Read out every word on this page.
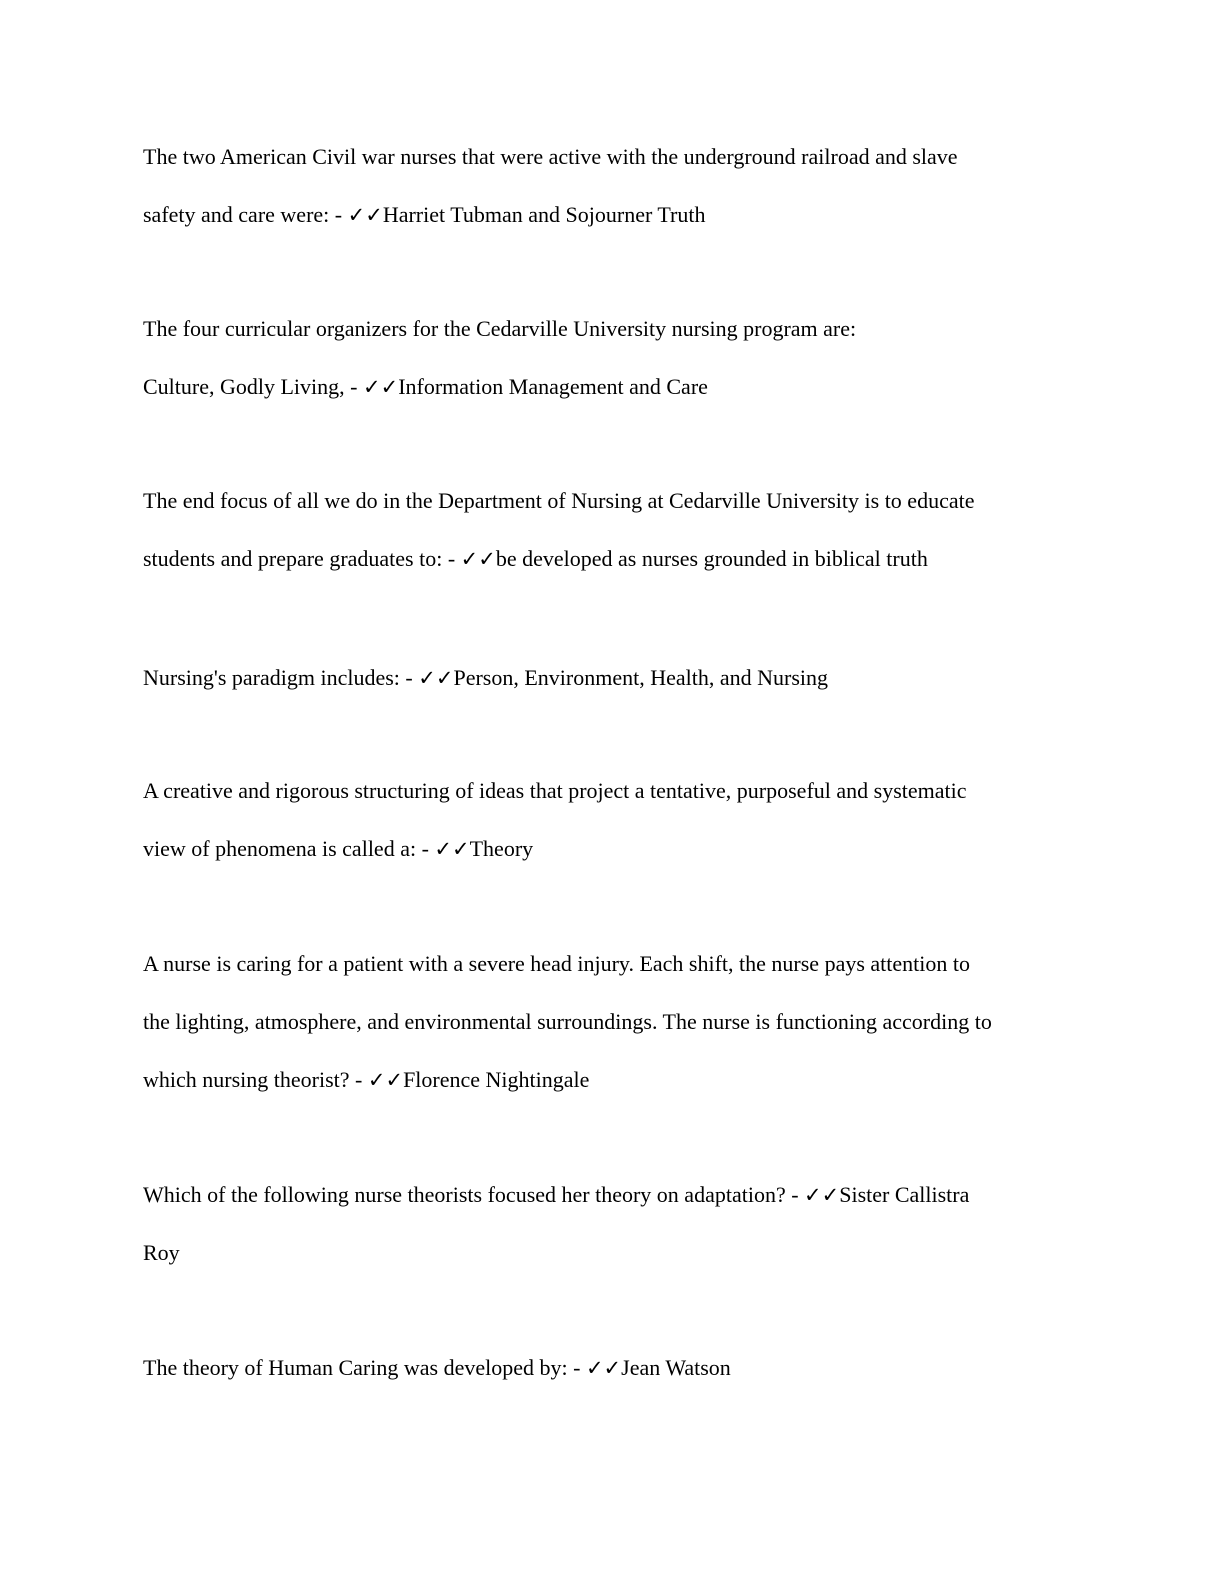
The two American Civil war nurses that were active with the underground railroad and slave
safety and care were: - ✓✓Harriet Tubman and Sojourner Truth

The four curricular organizers for the Cedarville University nursing program are:
Culture, Godly Living, - ✓✓Information Management and Care

The end focus of all we do in the Department of Nursing at Cedarville University is to educate
students and prepare graduates to: - ✓✓be developed as nurses grounded in biblical truth

Nursing's paradigm includes: - ✓✓Person, Environment, Health, and Nursing

A creative and rigorous structuring of ideas that project a tentative, purposeful and systematic
view of phenomena is called a: - ✓✓Theory

A nurse is caring for a patient with a severe head injury. Each shift, the nurse pays attention to
the lighting, atmosphere, and environmental surroundings. The nurse is functioning according to
which nursing theorist? - ✓✓Florence Nightingale

Which of the following nurse theorists focused her theory on adaptation? - ✓✓Sister Callistra
Roy

The theory of Human Caring was developed by: - ✓✓Jean Watson
